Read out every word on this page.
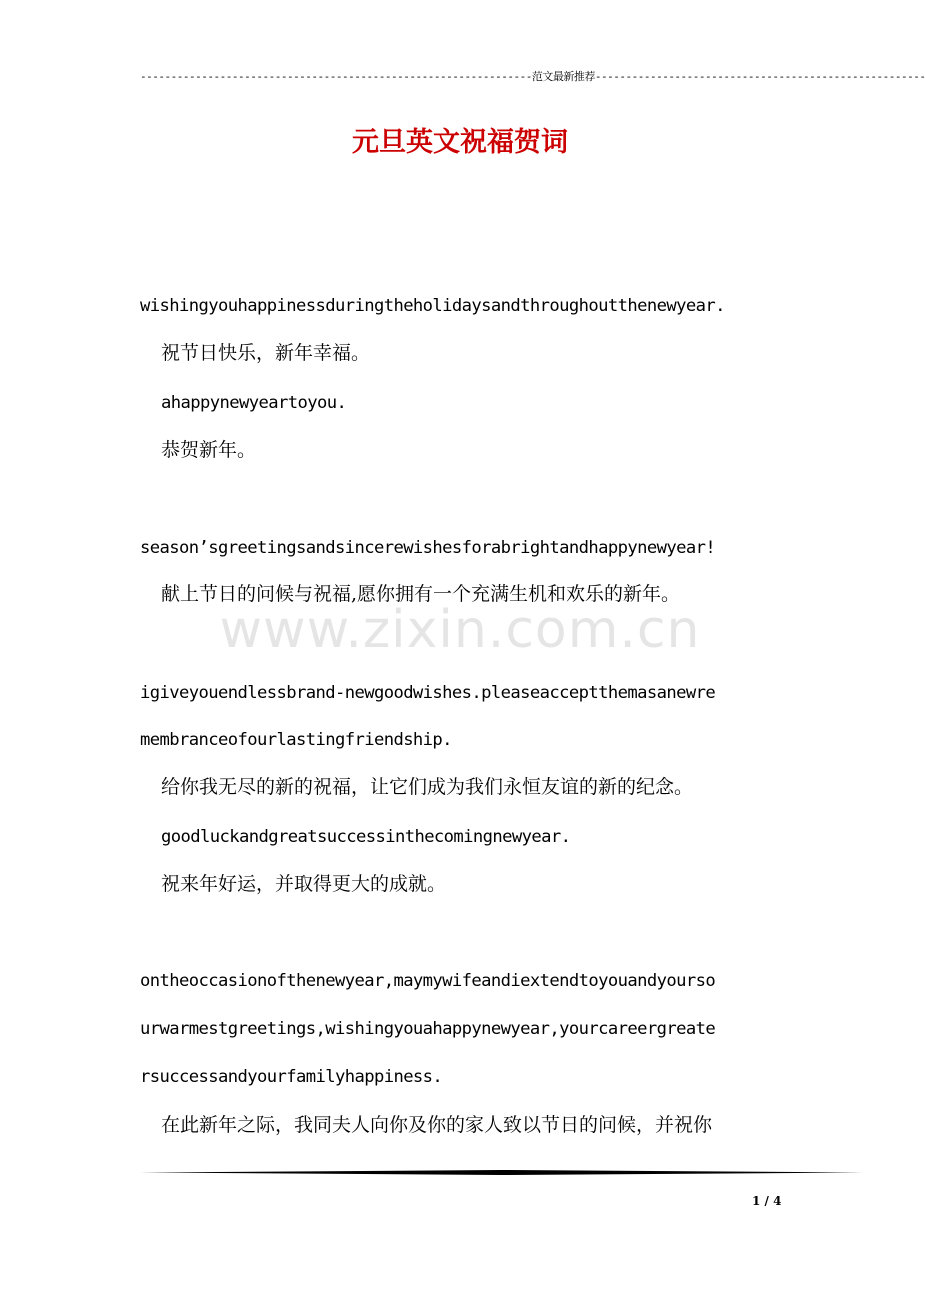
----------------------------------------------------------------范文最新推荐------------------------------------------------------
元旦英文祝福贺词
www.zixin.com.cn
wishingyouhappinessduringtheholidaysandthroughoutthenewyear.
祝节日快乐，新年幸福。
ahappynewyeartoyou.
恭贺新年。
season’sgreetingsandsincerewishesforabrightandhappynewyear!
献上节日的问候与祝福,愿你拥有一个充满生机和欢乐的新年。
igiveyouendlessbrand-newgoodwishes.pleaseacceptthemasanewre
membranceofourlastingfriendship.
给你我无尽的新的祝福，让它们成为我们永恒友谊的新的纪念。
goodluckandgreatsuccessinthecomingnewyear.
祝来年好运，并取得更大的成就。
ontheoccasionofthenewyear,maymywifeandiextendtoyouandyourso
urwarmestgreetings,wishingyouahappynewyear,yourcareergreate
rsuccessandyourfamilyhappiness.
在此新年之际，我同夫人向你及你的家人致以节日的问候，并祝你
1 / 4
